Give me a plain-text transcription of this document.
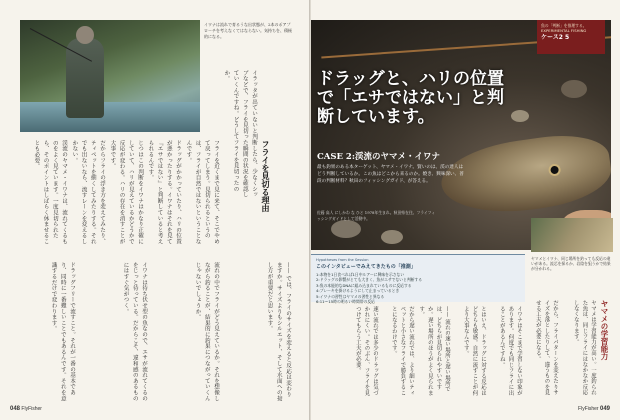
イワナは流れで育るうな出状態が、2本のポアプローチを考えなくてはならない。気持ちを、積極的になる。
フライを見切る理由
イラッタが出ていないと判断したら、少なくシップなどで、フライを見切った瞬間の状況を確認していくんですね。どうしてフライを見切ったのか。
フライを近くまで見に来て、そこでやめて戻ってしまう。見切られるというのは、フライが自然ではないということなんです。
ドラッグがかかっていたり、ハリの位置が悪かったりする。イワナはそれを見て『エサではない』と判断していると考えられるんです。
じつはこの判断をイワナはかなり正確にしていて、ハリが見えているかどうかで反応が変わる。ハリの存在を消すことが大事です。
だからフライの浮き方を変えてみたり、ティペットを細くしてみたりする。それでも出ないなら、流すレーンを変えるしかない。
渓流のヤマメ・イワナは、流れてくるものをよく見ています。一度見切られたら、そのポイントはしばらく休ませることも必要。
—— では、フライのサイズを変えると反応は変わりますか。サイズよりもシルエット、そして水面への接し方が重要だと思います。
流れの中でフライがどう見えているか。それを想像しながら釣ることが、結果的に釣果につながっていくんじゃないでしょうか。
イワナは待ち伏せ型の魚なので、エサが流れてくるのをじっと待っている。だからこそ、違和感のあるものにはすぐ気がつく。
ドラッグフリーで流すこと。それが一番の基本であり、同時に一番難しいことでもあるんです。それを意識するだけで変わります。
048 FlyFisher
魚の「判断」を推理する。EXPERIMENTAL FISHING
ケース2 5
ドラッグと、ハリの位置で「エサではない」と判断しています。
CASE 2:渓流のヤマメ・イワナ
最も釣果のある本ターゲット、ヤマメ・イワナ。賢いのは、渓の達人はどう判断しているか。この魚はどこから来るのか。焼き、興味深い、普段の判断材料？秋田のフィッシングガイド、が答える。
佐藤 高人 にしかわ な ひと 1978年生まれ。秋田県在住。フライフィッシングガイドとして活動中。
Hypotheses from the Session
このインタビューでみえてきたもの「推測」
1:本物を1日食べれば1日中ルアーに興味を示さない
2:ドラッグの影響がとても大きく、魚がエサでないと判断する
3:魚の本能的なDNAに組み込まれているものに反応する
4:ブレーキを掛けるようにして止まっているとき
5:イワナの習性はヤマメの習性と異なる
6:11〜15時の明るい時間帯の反応
ヤマメとイワナ、同じ場所を釣っても反応の違いがある。流芯を探るか、岩陰を狙うかで結果が分かれる。
ヤマメの学習能力
ヤマメは学習能力が高い。一度釣られた魚は、同じフライにはなかなか反応しなくなります。
だから、フライパターンを変えたりサイズを落としたりして、違うものを見せる工夫が必要になる。
イワナはそこまで学習しない印象があります。何度でも同じフライに出ることがあるんですね。
とはいえ、ドラッグに対する反応はどちらも敏感。自然に流すことが何より大事なんです。
—— 流れの速い場所と遅い場所では、どちらが見切られやすいですか。遅い場所のほうがよく見られます。
だから遅い流れでは、より細いティペットと小さなフライで勝負することになるわけです。
速い流れでは多少のドラッグは気づかれにくい。そのぶん、フライを見つけてもらう工夫が必要。
FlyFisher 049
